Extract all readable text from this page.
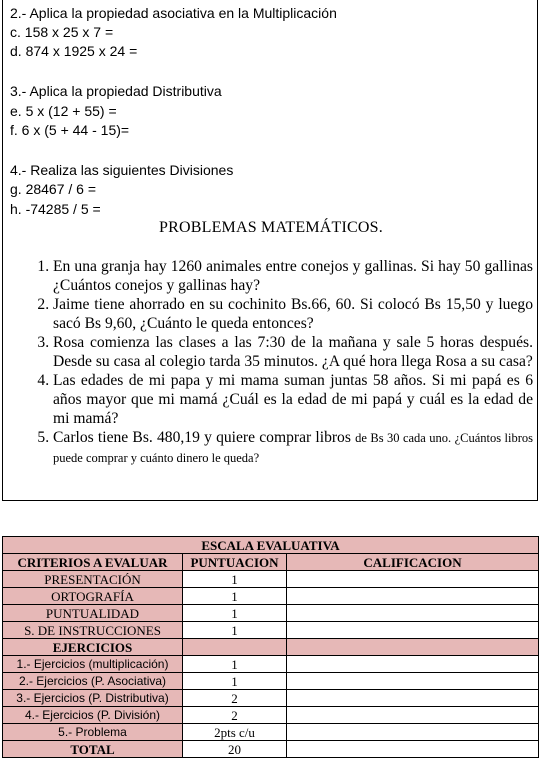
2.- Aplica la propiedad asociativa en la Multiplicación
c. 158 x 25 x 7 =
d. 874 x 1925 x 24 =
3.- Aplica la propiedad Distributiva
e. 5 x (12 + 55) =
f. 6 x (5 + 44 - 15)=
4.- Realiza las siguientes Divisiones
g. 28467 / 6 =
h. -74285 / 5 =
PROBLEMAS MATEMÁTICOS.
1. En una granja hay 1260 animales entre conejos y gallinas. Si hay 50 gallinas ¿Cuántos conejos y gallinas hay?
2. Jaime tiene ahorrado en su cochinito Bs.66, 60. Si colocó Bs 15,50 y luego sacó Bs 9,60, ¿Cuánto le queda entonces?
3. Rosa comienza las clases a las 7:30 de la mañana y sale 5 horas después. Desde su casa al colegio tarda 35 minutos. ¿A qué hora llega Rosa a su casa?
4. Las edades de mi papa y mi mama suman juntas 58 años. Si mi papá es 6 años mayor que mi mamá ¿Cuál es la edad de mi papá y cuál es la edad de mi mamá?
5. Carlos tiene Bs. 480,19 y quiere comprar libros de Bs 30 cada uno. ¿Cuántos libros puede comprar y cuánto dinero le queda?
ESCALA EVALUATIVA		
CRITERIOS A EVALUAR	PUNTUACION	CALIFICACION
PRESENTACIÓN	1	
ORTOGRAFÍA	1	
PUNTUALIDAD	1	
S. DE INSTRUCCIONES	1	
EJERCICIOS		
1.- Ejercicios (multiplicación)	1	
2.- Ejercicios (P. Asociativa)	1	
3.- Ejercicios (P. Distributiva)	2	
4.- Ejercicios (P. División)	2	
5.- Problema	2pts c/u	
TOTAL	20	
